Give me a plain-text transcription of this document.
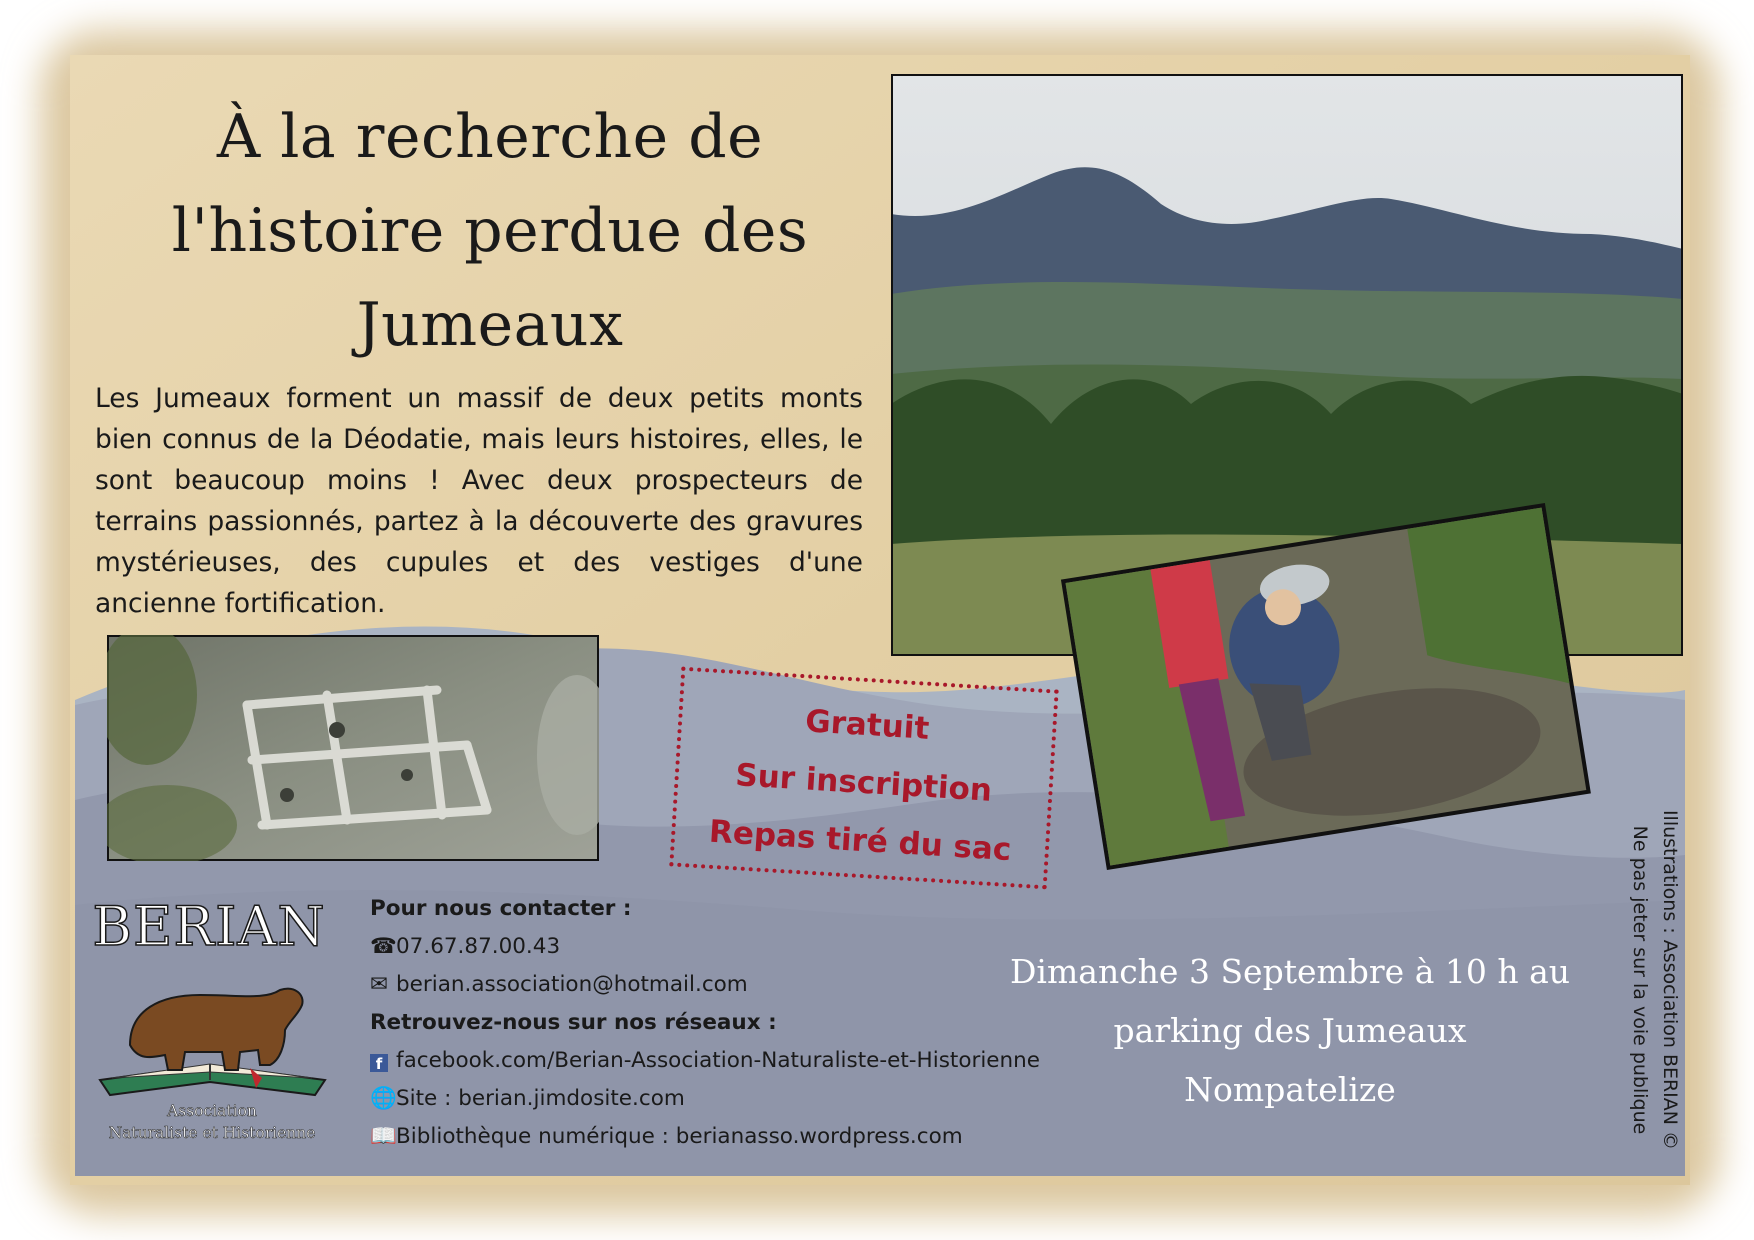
À la recherche de
l'histoire perdue des
Jumeaux

Les Jumeaux forment un massif de deux petits monts bien connus de la Déodatie, mais leurs histoires, elles, le sont beaucoup moins ! Avec deux prospecteurs de terrains passionnés, partez à la découverte des gravures mystérieuses, des cupules et des vestiges d'une ancienne fortification.

Gratuit
Sur inscription
Repas tiré du sac
BERIAN
Association
Naturaliste et Historienne
Pour nous contacter :
☎07.67.87.00.43
✉ berian.association@hotmail.com
Retrouvez-nous sur nos réseaux :
f facebook.com/Berian-Association-Naturaliste-et-Historienne
🌐Site : berian.jimdosite.com
📖Bibliothèque numérique : berianasso.wordpress.com
Dimanche 3 Septembre à 10 h au
parking des Jumeaux
Nompatelize	Illustrations : Association BERIAN ©
Ne pas jeter sur la voie publique
